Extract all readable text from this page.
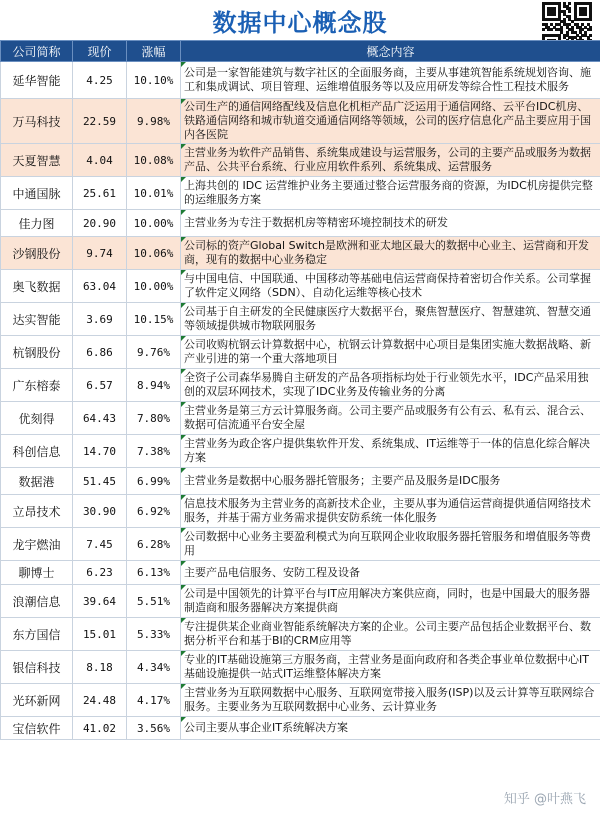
数据中心概念股
公司简称	现价	涨幅	概念内容
延华智能	4.25	10.10%	公司是一家智能建筑与数字社区的全面服务商，主要从事建筑智能系统规划咨询、施工和集成调试、项目管理、运维增值服务等以及应用研发等综合性工程技术服务

万马科技	22.59	9.98%	公司生产的通信网络配线及信息化机柜产品广泛运用于通信网络、云平台IDC机房、铁路通信网络和城市轨道交通通信网络等领域，公司的医疗信息化产品主要应用于国内各医院

天夏智慧	4.04	10.08%	主营业务为软件产品销售、系统集成建设与运营服务，公司的主要产品或服务为数据产品、公共平台系统、行业应用软件系列、系统集成、运营服务

中通国脉	25.61	10.01%	上海共创的 IDC 运营维护业务主要通过整合运营服务商的资源，为IDC机房提供完整的运维服务方案

佳力图	20.90	10.00%	主营业务为专注于数据机房等精密环境控制技术的研发

沙钢股份	9.74	10.06%	公司标的资产Global Switch是欧洲和亚太地区最大的数据中心业主、运营商和开发商，现有的数据中心业务稳定

奥飞数据	63.04	10.00%	与中国电信、中国联通、中国移动等基础电信运营商保持着密切合作关系。公司掌握了软件定义网络（SDN）、自动化运维等核心技术

达实智能	3.69	10.15%	公司基于自主研发的全民健康医疗大数据平台，聚焦智慧医疗、智慧建筑、智慧交通等领域提供城市物联网服务

杭钢股份	6.86	9.76%	公司收购杭钢云计算数据中心，杭钢云计算数据中心项目是集团实施大数据战略、新产业引进的第一个重大落地项目

广东榕泰	6.57	8.94%	全资子公司森华易腾自主研发的产品各项指标均处于行业领先水平，IDC产品采用独创的双层环网技术，实现了IDC业务及传输业务的分离

优刻得	64.43	7.80%	主营业务是第三方云计算服务商。公司主要产品或服务有公有云、私有云、混合云、数据可信流通平台安全屋

科创信息	14.70	7.38%	主营业务为政企客户提供集软件开发、系统集成、IT运维等于一体的信息化综合解决方案

数据港	51.45	6.99%	主营业务是数据中心服务器托管服务；主要产品及服务是IDC服务

立昂技术	30.90	6.92%	信息技术服务为主营业务的高新技术企业，主要从事为通信运营商提供通信网络技术服务，并基于需方业务需求提供安防系统一体化服务

龙宇燃油	7.45	6.28%	公司数据中心业务主要盈利模式为向互联网企业收取服务器托管服务和增值服务等费用

聊博士	6.23	6.13%	主要产品电信服务、安防工程及设备

浪潮信息	39.64	5.51%	公司是中国领先的计算平台与IT应用解决方案供应商，同时，也是中国最大的服务器制造商和服务器解决方案提供商

东方国信	15.01	5.33%	专注提供某企业商业智能系统解决方案的企业。公司主要产品包括企业数据平台、数据分析平台和基于BI的CRM应用等

银信科技	8.18	4.34%	专业的IT基础设施第三方服务商，主营业务是面向政府和各类企事业单位数据中心IT基础设施提供一站式IT运维整体解决方案

光环新网	24.48	4.17%	主营业务为互联网数据中心服务、互联网宽带接入服务(ISP)以及云计算等互联网综合服务。主要业务为互联网数据中心业务、云计算业务

宝信软件	41.02	3.56%	公司主要从事企业IT系统解决方案
知乎 @叶燕飞
